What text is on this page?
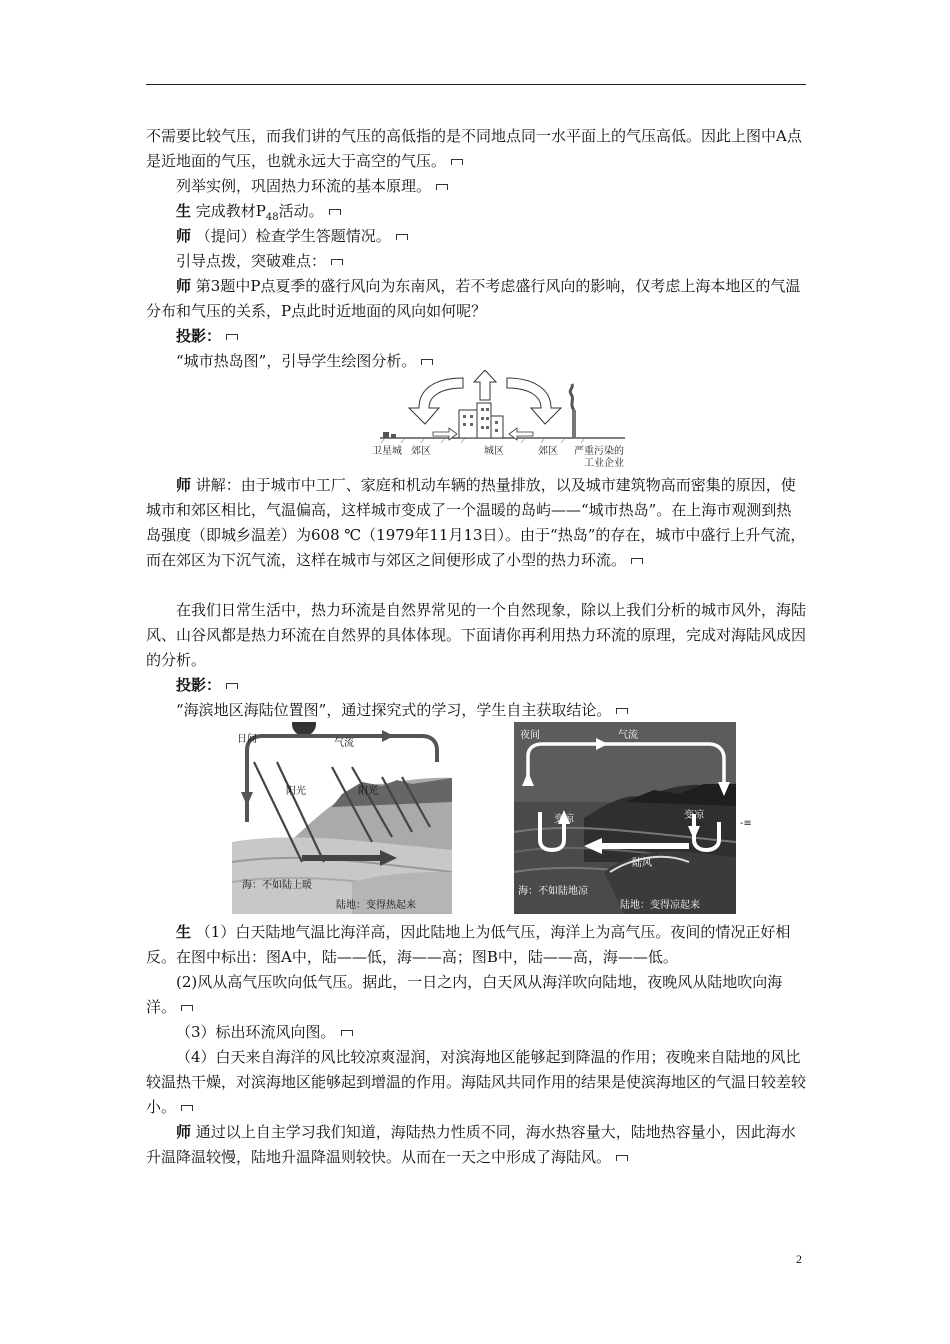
不需要比较气压，而我们讲的气压的高低指的是不同地点同一水平面上的气压高低。因此上图中A点是近地面的气压，也就永远大于高空的气压。

列举实例，巩固热力环流的基本原理。

生 完成教材$P_{48}$活动。

师 （提问）检查学生答题情况。

引导点拨，突破难点：

师 第3题中P点夏季的盛行风向为东南风，若不考虑盛行风向的影响，仅考虑上海本地区的气温分布和气压的关系，P点此时近地面的风向如何呢？

投影：

“城市热岛图”，引导学生绘图分析。

卫星城 郊区	城区	郊区 严重污染的
工业企业

师 讲解：由于城市中工厂、家庭和机动车辆的热量排放，以及城市建筑物高而密集的原因，使城市和郊区相比，气温偏高，这样城市变成了一个温暖的岛屿——“城市热岛”。在上海市观测到热岛强度（即城乡温差）为608 ℃（1979年11月13日）。由于“热岛”的存在，城市中盛行上升气流，而在郊区为下沉气流，这样在城市与郊区之间便形成了小型的热力环流。

在我们日常生活中，热力环流是自然界常见的一个自然现象，除以上我们分析的城市风外，海陆风、山谷风都是热力环流在自然界的具体体现。下面请你再利用热力环流的原理，完成对海陆风成因的分析。

投影：

“海滨地区海陆位置图”，通过探究式的学习，学生自主获取结论。

日间	气流
阳光	阳光
海：不如陆上暖
陆地：变得热起来
夜间	气流
变凉	变凉
陆风
海：不如陆地凉
陆地：变得凉起来
-≡

生 （1）白天陆地气温比海洋高，因此陆地上为低气压，海洋上为高气压。夜间的情况正好相反。在图中标出：图A中，陆——低，海——高；图B中，陆——高，海——低。

(2)风从高气压吹向低气压。据此，一日之内，白天风从海洋吹向陆地，夜晚风从陆地吹向海洋。

（3）标出环流风向图。

（4）白天来自海洋的风比较凉爽湿润，对滨海地区能够起到降温的作用；夜晚来自陆地的风比较温热干燥，对滨海地区能够起到增温的作用。海陆风共同作用的结果是使滨海地区的气温日较差较小。

师 通过以上自主学习我们知道，海陆热力性质不同，海水热容量大，陆地热容量小，因此海水升温降温较慢，陆地升温降温则较快。从而在一天之中形成了海陆风。

2
